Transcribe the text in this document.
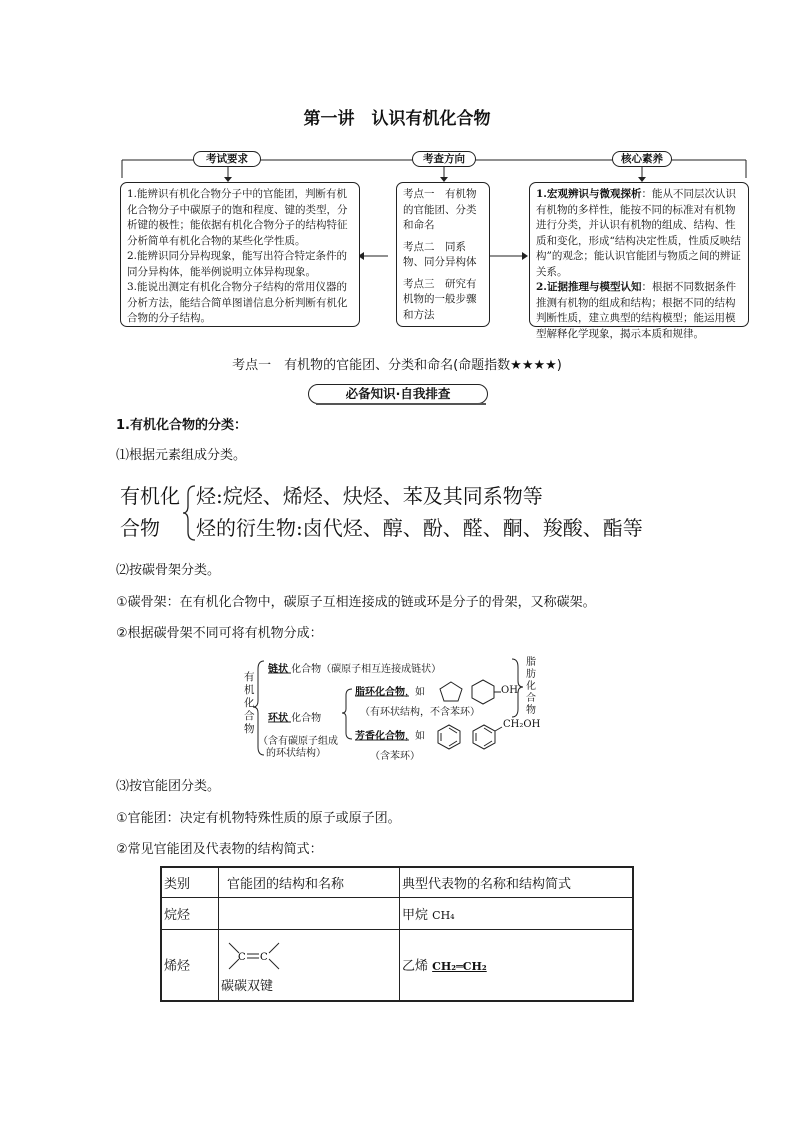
第一讲　认识有机化合物
考试要求	考查方向	核心素养

1.能辨识有机化合物分子中的官能团，判断有机化合物分子中碳原子的饱和程度、键的类型，分析键的极性；能依据有机化合物分子的结构特征分析简单有机化合物的某些化学性质。

2.能辨识同分异构现象，能写出符合特定条件的同分异构体，能举例说明立体异构现象。

3.能说出测定有机化合物分子结构的常用仪器的分析方法，能结合简单图谱信息分析判断有机化合物的分子结构。

考点一　有机物的官能团、分类和命名

考点二　同系物、同分异构体

考点三　研究有机物的一般步骤和方法

1.宏观辨识与微观探析：能从不同层次认识有机物的多样性，能按不同的标准对有机物进行分类，并认识有机物的组成、结构、性质和变化，形成“结构决定性质，性质反映结构”的观念；能认识官能团与物质之间的辨证关系。

2.证据推理与模型认知：根据不同数据条件推测有机物的组成和结构；根据不同的结构判断性质，建立典型的结构模型；能运用模型解释化学现象，揭示本质和规律。

考点一　有机物的官能团、分类和命名(命题指数★★★★)
必备知识·自我排查
1.有机化合物的分类：
⑴根据元素组成分类。
有机化
合物
烃:烷烃、烯烃、炔烃、苯及其同系物等
烃的衍生物:卤代烃、醇、酚、醛、酮、羧酸、酯等
⑵按碳骨架分类。
①碳骨架：在有机化合物中，碳原子互相连接成的链或环是分子的骨架，又称碳架。
②根据碳骨架不同可将有机物分成：
有机化合物
链状 化合物（碳原子相互连接成链状）
环状 化合物
（含有碳原子组成
的环状结构）
脂环化合物，如
（有环状结构，不含苯环）
芳香化合物，如
（含苯环）
OH
CH₂OH
脂肪化合物
⑶按官能团分类。
①官能团：决定有机物特殊性质的原子或原子团。
②常见官能团及代表物的结构简式：
类别	官能团的结构和名称	典型代表物的名称和结构简式
烷烃		甲烷 CH₄
烯烃	C C
碳碳双键	乙烯 CH₂═CH₂
